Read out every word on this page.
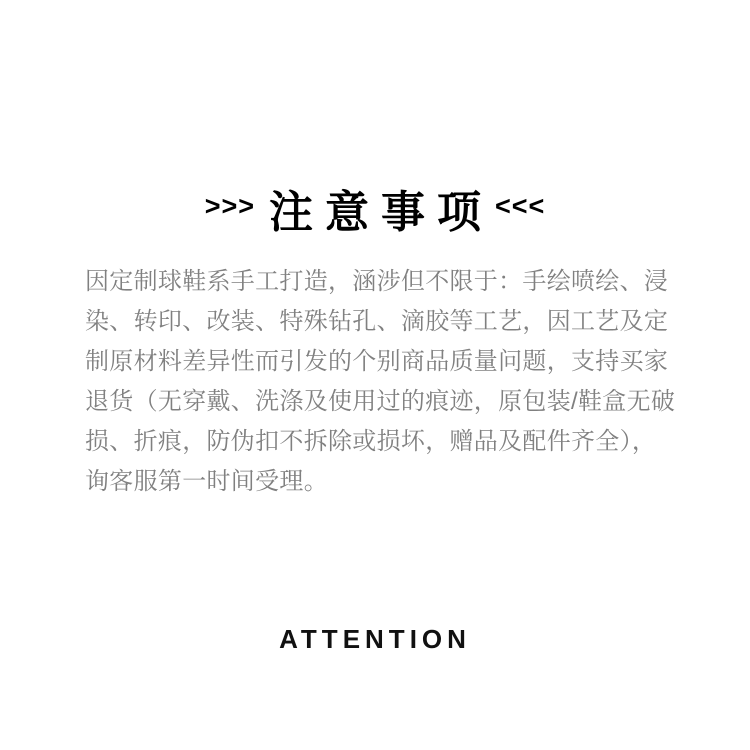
>>> 注意事项<<<
因定制球鞋系手工打造，涵涉但不限于：手绘喷绘、浸
染、转印、改装、特殊钻孔、滴胶等工艺，因工艺及定
制原材料差异性而引发的个别商品质量问题，支持买家
退货（无穿戴、洗涤及使用过的痕迹，原包装/鞋盒无破
损、折痕，防伪扣不拆除或损坏，赠品及配件齐全），
询客服第一时间受理。
ATTENTION
